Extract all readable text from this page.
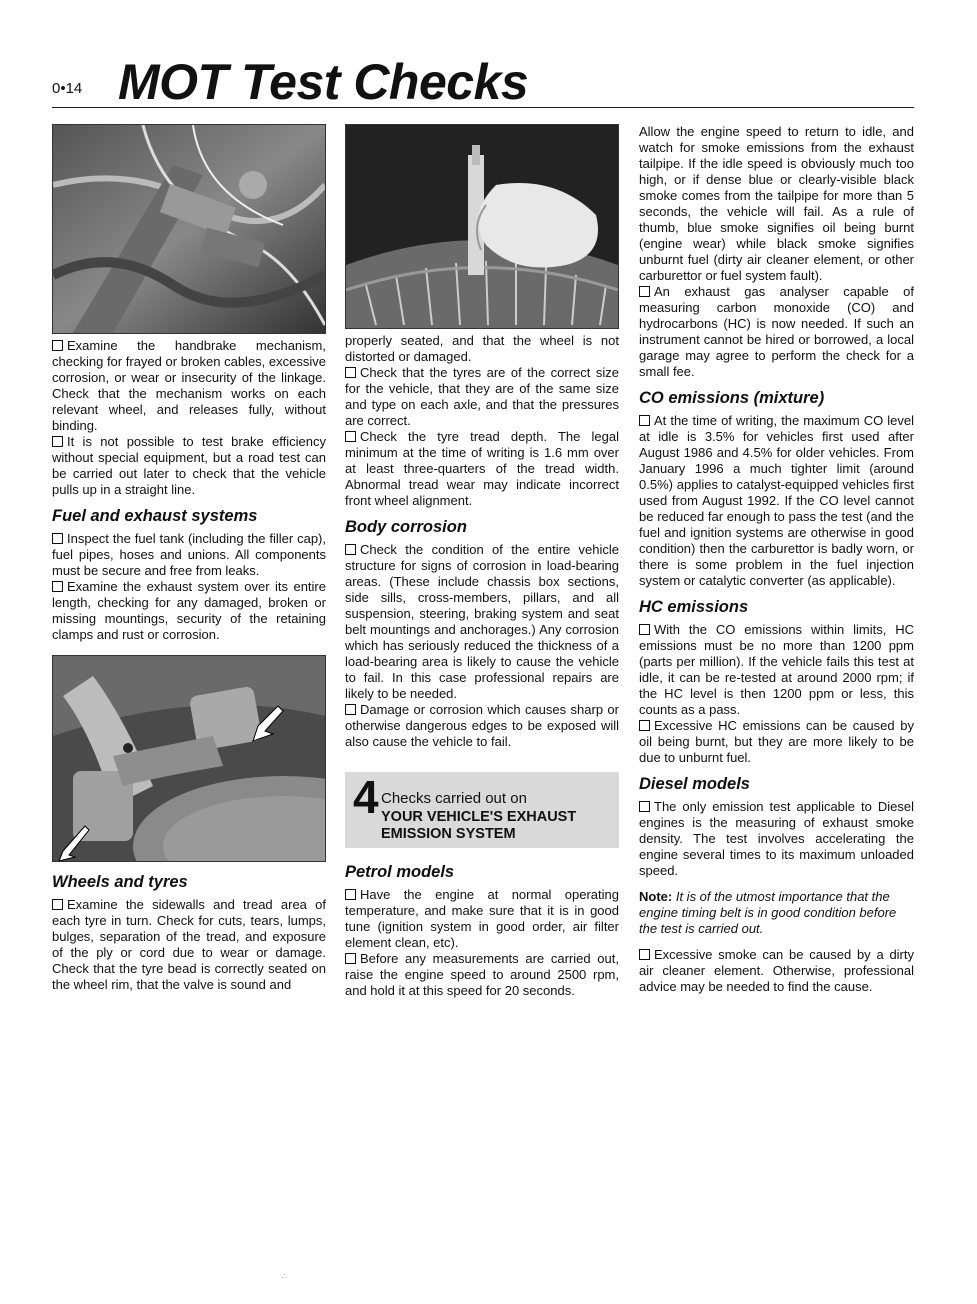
0•14 MOT Test Checks

Examine the handbrake mechanism, checking for frayed or broken cables, excessive corrosion, or wear or insecurity of the linkage. Check that the mechanism works on each relevant wheel, and releases fully, without binding.

It is not possible to test brake efficiency without special equipment, but a road test can be carried out later to check that the vehicle pulls up in a straight line.

Fuel and exhaust systems

Inspect the fuel tank (including the filler cap), fuel pipes, hoses and unions. All components must be secure and free from leaks.

Examine the exhaust system over its entire length, checking for any damaged, broken or missing mountings, security of the retaining clamps and rust or corrosion.

Wheels and tyres

Examine the sidewalls and tread area of each tyre in turn. Check for cuts, tears, lumps, bulges, separation of the tread, and exposure of the ply or cord due to wear or damage. Check that the tyre bead is correctly seated on the wheel rim, that the valve is sound and

properly seated, and that the wheel is not distorted or damaged.

Check that the tyres are of the correct size for the vehicle, that they are of the same size and type on each axle, and that the pressures are correct.

Check the tyre tread depth. The legal minimum at the time of writing is 1.6 mm over at least three-quarters of the tread width. Abnormal tread wear may indicate incorrect front wheel alignment.

Body corrosion

Check the condition of the entire vehicle structure for signs of corrosion in load-bearing areas. (These include chassis box sections, side sills, cross-members, pillars, and all suspension, steering, braking system and seat belt mountings and anchorages.) Any corrosion which has seriously reduced the thickness of a load-bearing area is likely to cause the vehicle to fail. In this case professional repairs are likely to be needed.

Damage or corrosion which causes sharp or otherwise dangerous edges to be exposed will also cause the vehicle to fail.

4 Checks carried out on
YOUR VEHICLE'S EXHAUST
EMISSION SYSTEM
Petrol models

Have the engine at normal operating temperature, and make sure that it is in good tune (ignition system in good order, air filter element clean, etc).

Before any measurements are carried out, raise the engine speed to around 2500 rpm, and hold it at this speed for 20 seconds.

Allow the engine speed to return to idle, and watch for smoke emissions from the exhaust tailpipe. If the idle speed is obviously much too high, or if dense blue or clearly-visible black smoke comes from the tailpipe for more than 5 seconds, the vehicle will fail. As a rule of thumb, blue smoke signifies oil being burnt (engine wear) while black smoke signifies unburnt fuel (dirty air cleaner element, or other carburettor or fuel system fault).

An exhaust gas analyser capable of measuring carbon monoxide (CO) and hydrocarbons (HC) is now needed. If such an instrument cannot be hired or borrowed, a local garage may agree to perform the check for a small fee.

CO emissions (mixture)

At the time of writing, the maximum CO level at idle is 3.5% for vehicles first used after August 1986 and 4.5% for older vehicles. From January 1996 a much tighter limit (around 0.5%) applies to catalyst-equipped vehicles first used from August 1992. If the CO level cannot be reduced far enough to pass the test (and the fuel and ignition systems are otherwise in good condition) then the carburettor is badly worn, or there is some problem in the fuel injection system or catalytic converter (as applicable).

HC emissions

With the CO emissions within limits, HC emissions must be no more than 1200 ppm (parts per million). If the vehicle fails this test at idle, it can be re-tested at around 2000 rpm; if the HC level is then 1200 ppm or less, this counts as a pass.

Excessive HC emissions can be caused by oil being burnt, but they are more likely to be due to unburnt fuel.

Diesel models

The only emission test applicable to Diesel engines is the measuring of exhaust smoke density. The test involves accelerating the engine several times to its maximum unloaded speed.

Note: It is of the utmost importance that the engine timing belt is in good condition before the test is carried out.

Excessive smoke can be caused by a dirty air cleaner element. Otherwise, professional advice may be needed to find the cause.

∴
